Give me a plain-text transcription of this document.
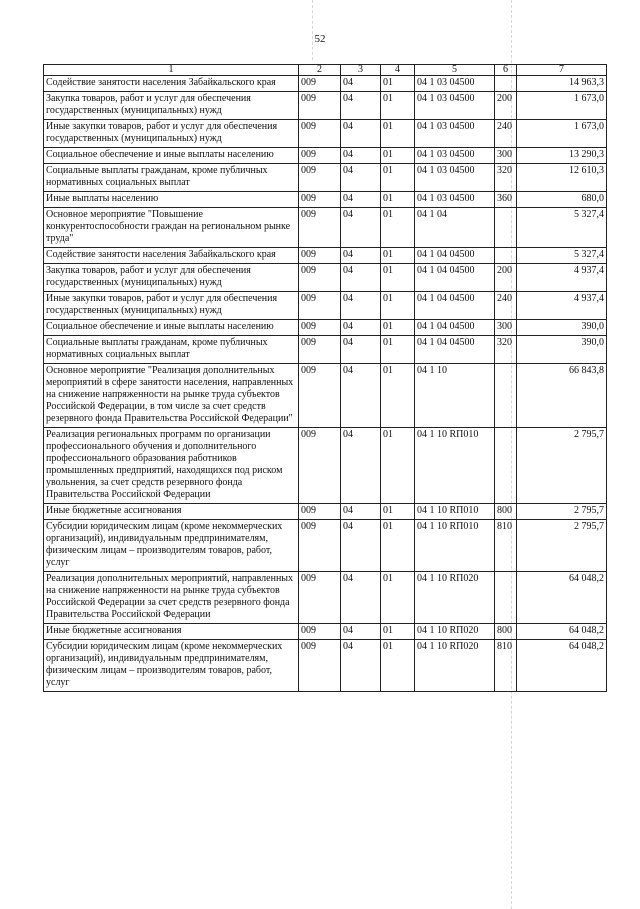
52
1	2	3	4	5	6	7
Содействие занятости населения Забайкальского края	009	04	01	04 1 03 04500		14 963,3
Закупка товаров, работ и услуг для обеспечения государственных (муниципальных) нужд	009	04	01	04 1 03 04500	200	1 673,0
Иные закупки товаров, работ и услуг для обеспечения государственных (муниципальных) нужд	009	04	01	04 1 03 04500	240	1 673,0
Социальное обеспечение и иные выплаты населению	009	04	01	04 1 03 04500	300	13 290,3
Социальные выплаты гражданам, кроме публичных нормативных социальных выплат	009	04	01	04 1 03 04500	320	12 610,3
Иные выплаты населению	009	04	01	04 1 03 04500	360	680,0
Основное мероприятие "Повышение конкурентоспособности граждан на региональном рынке труда"	009	04	01	04 1 04		5 327,4
Содействие занятости населения Забайкальского края	009	04	01	04 1 04 04500		5 327,4
Закупка товаров, работ и услуг для обеспечения государственных (муниципальных) нужд	009	04	01	04 1 04 04500	200	4 937,4
Иные закупки товаров, работ и услуг для обеспечения государственных (муниципальных) нужд	009	04	01	04 1 04 04500	240	4 937,4
Социальное обеспечение и иные выплаты населению	009	04	01	04 1 04 04500	300	390,0
Социальные выплаты гражданам, кроме публичных нормативных социальных выплат	009	04	01	04 1 04 04500	320	390,0
Основное мероприятие "Реализация дополнительных мероприятий в сфере занятости населения, направленных на снижение напряженности на рынке труда субъектов Российской Федерации, в том числе за счет средств резервного фонда Правительства Российской Федерации"	009	04	01	04 1 10		66 843,8
Реализация региональных программ по организации профессионального обучения и дополнительного профессионального образования работников промышленных предприятий, находящихся под риском увольнения, за счет средств резервного фонда Правительства Российской Федерации	009	04	01	04 1 10 RП010		2 795,7
Иные бюджетные ассигнования	009	04	01	04 1 10 RП010	800	2 795,7
Субсидии юридическим лицам (кроме некоммерческих организаций), индивидуальным предпринимателям, физическим лицам – производителям товаров, работ, услуг	009	04	01	04 1 10 RП010	810	2 795,7
Реализация дополнительных мероприятий, направленных на снижение напряженности на рынке труда субъектов Российской Федерации за счет средств резервного фонда Правительства Российской Федерации	009	04	01	04 1 10 RП020		64 048,2
Иные бюджетные ассигнования	009	04	01	04 1 10 RП020	800	64 048,2
Субсидии юридическим лицам (кроме некоммерческих организаций), индивидуальным предпринимателям, физическим лицам – производителям товаров, работ, услуг	009	04	01	04 1 10 RП020	810	64 048,2
